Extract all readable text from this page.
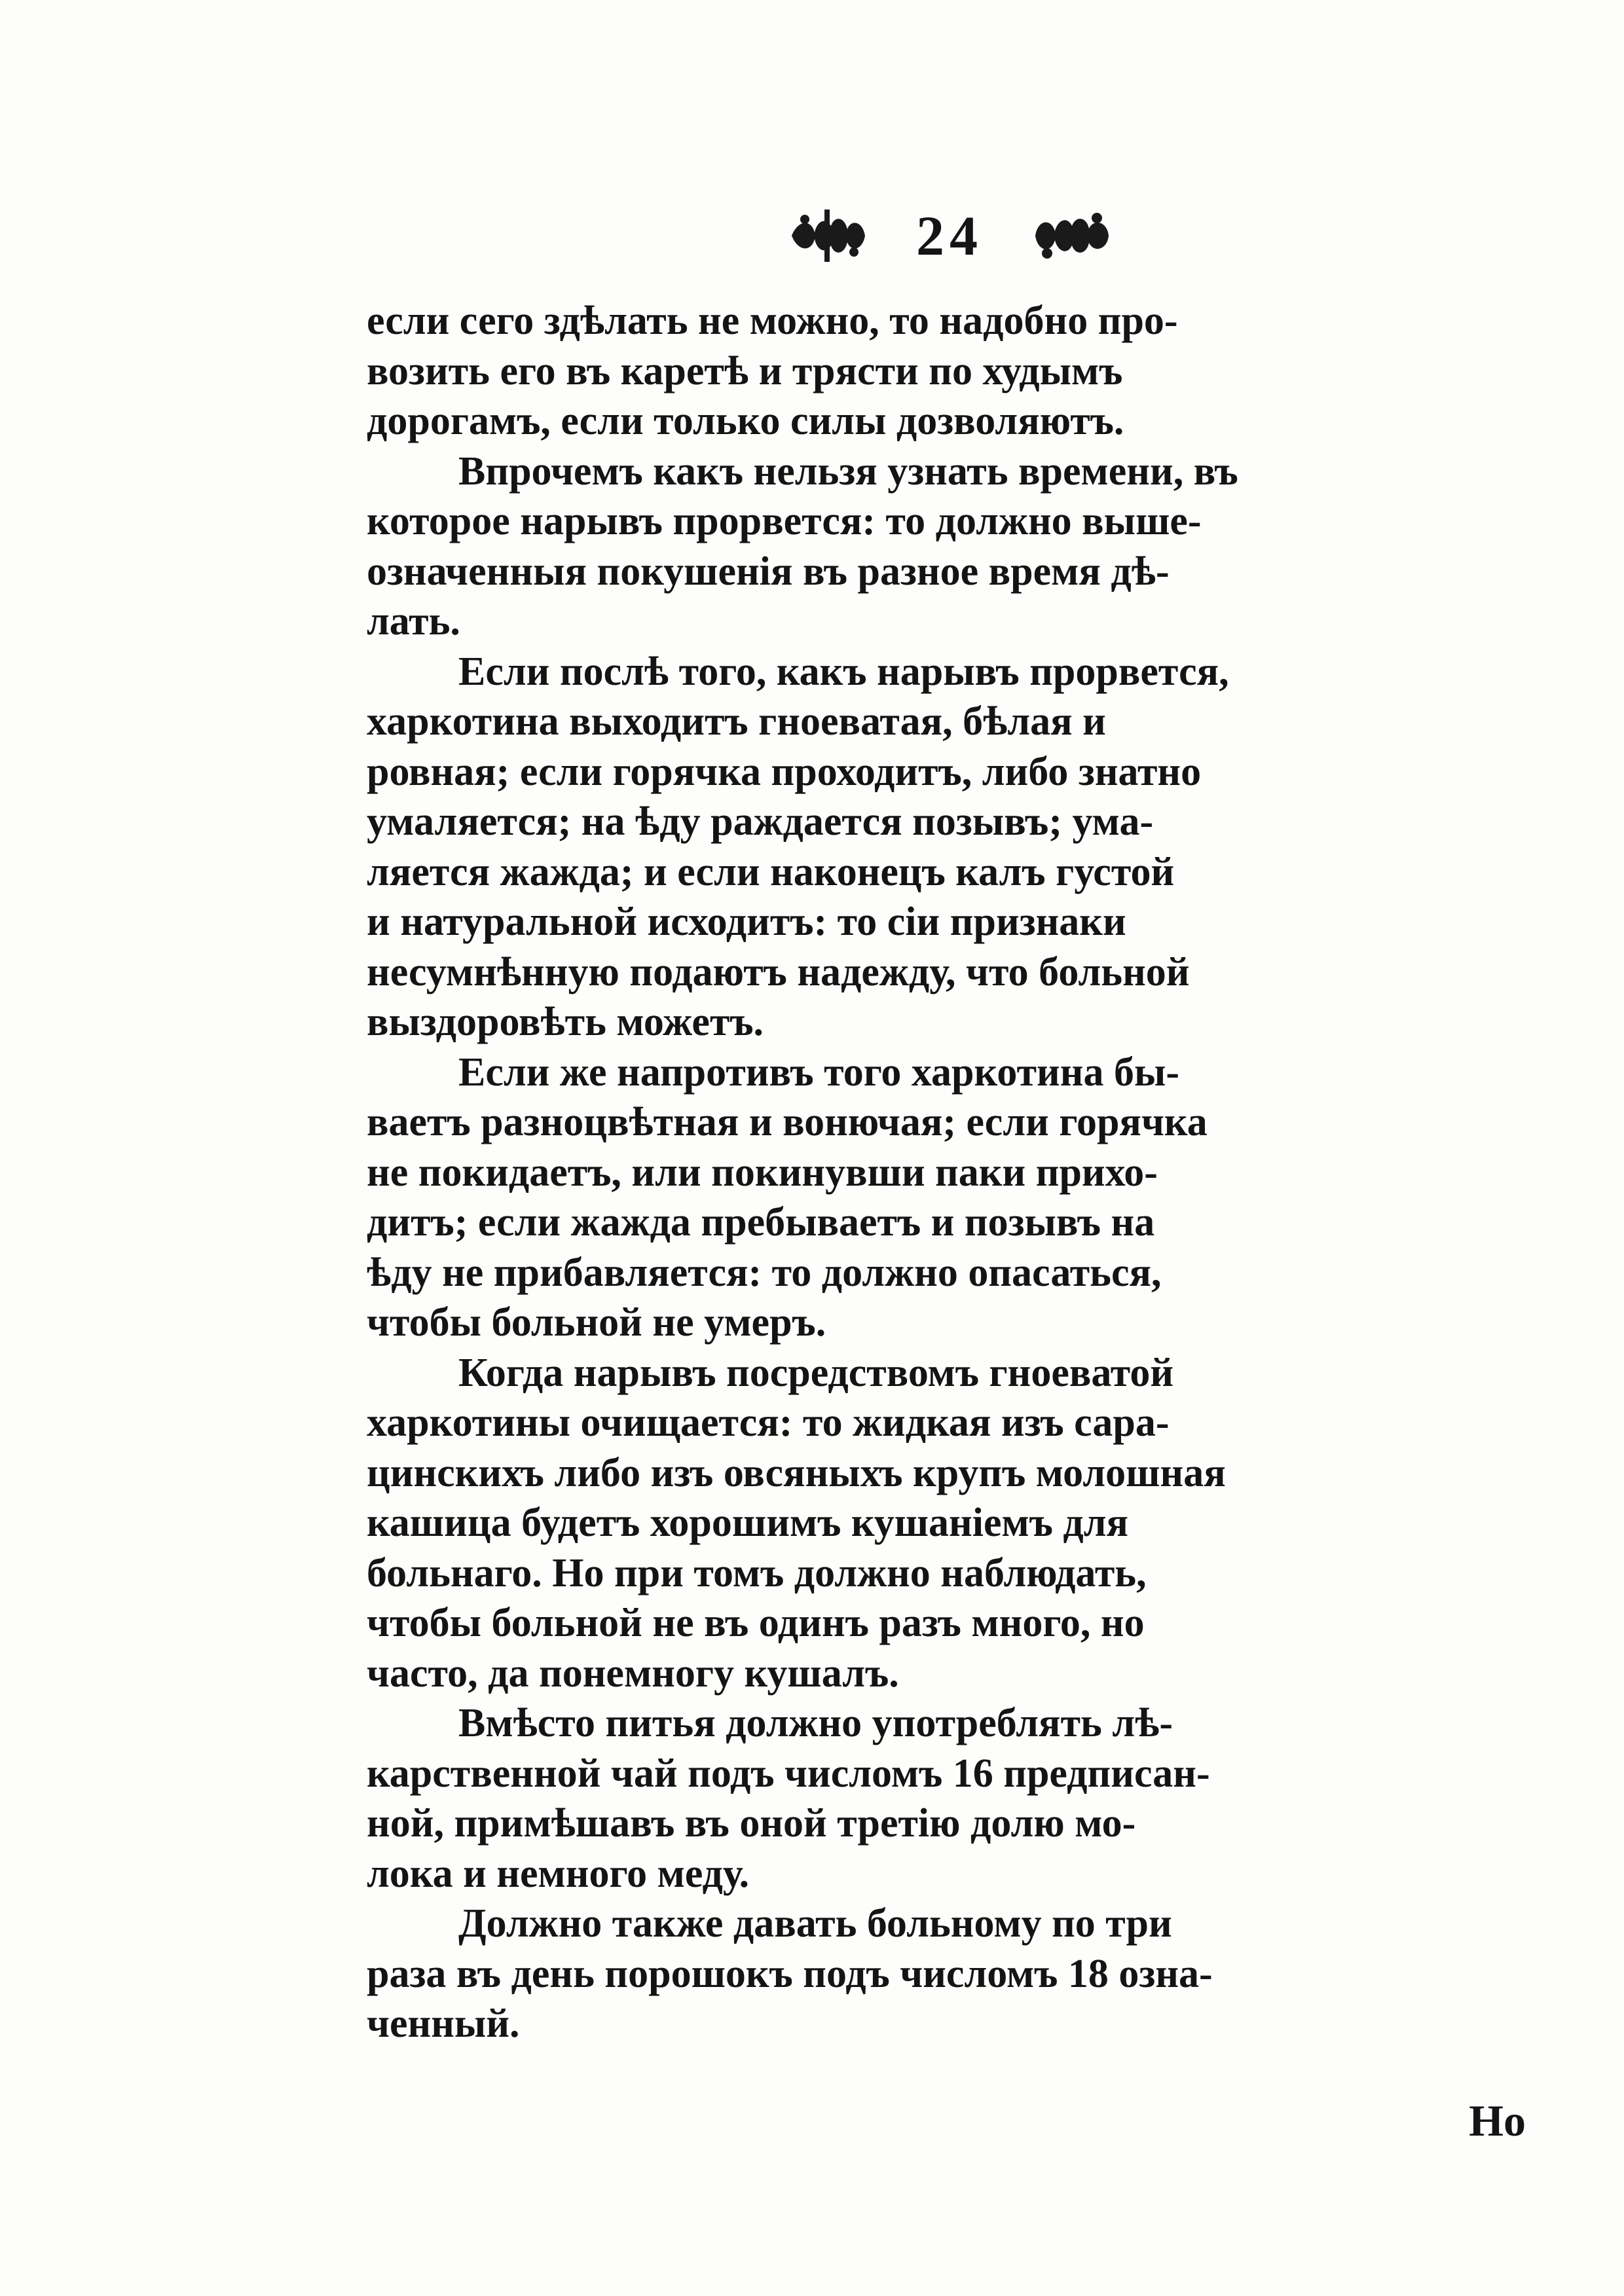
24

если сего здѣлать не можно, то надобно про-
возить его въ каретѣ и трясти по худымъ
дорогамъ, если только силы дозволяютъ.

Впрочемъ какъ нельзя узнать времени, въ
которое нарывъ прорвется: то должно выше-
означенныя покушенія въ разное время дѣ-
лать.

Если послѣ того, какъ нарывъ прорвется,
харкотина выходитъ гноеватая, бѣлая и
ровная; если горячка проходитъ, либо знатно
умаляется; на ѣду раждается позывъ; ума-
ляется жажда; и если наконецъ калъ густой
и натуральной исходитъ: то сіи признаки
несумнѣнную подаютъ надежду, что больной
выздоровѣть можетъ.

Если же напротивъ того харкотина бы-
ваетъ разноцвѣтная и вонючая; если горячка
не покидаетъ, или покинувши паки прихо-
дитъ; если жажда пребываетъ и позывъ на
ѣду не прибавляется: то должно опасаться,
чтобы больной не умеръ.

Когда нарывъ посредствомъ гноеватой
харкотины очищается: то жидкая изъ сара-
цинскихъ либо изъ овсяныхъ крупъ молошная
кашица будетъ хорошимъ кушаніемъ для
больнаго. Но при томъ должно наблюдать,
чтобы больной не въ одинъ разъ много, но
часто, да понемногу кушалъ.

Вмѣсто питья должно употреблять лѣ-
карственной чай подъ числомъ 16 предписан-
ной, примѣшавъ въ оной третію долю мо-
лока и немного меду.

Должно также давать больному по три
раза въ день порошокъ подъ числомъ 18 озна-
ченный.

Но
